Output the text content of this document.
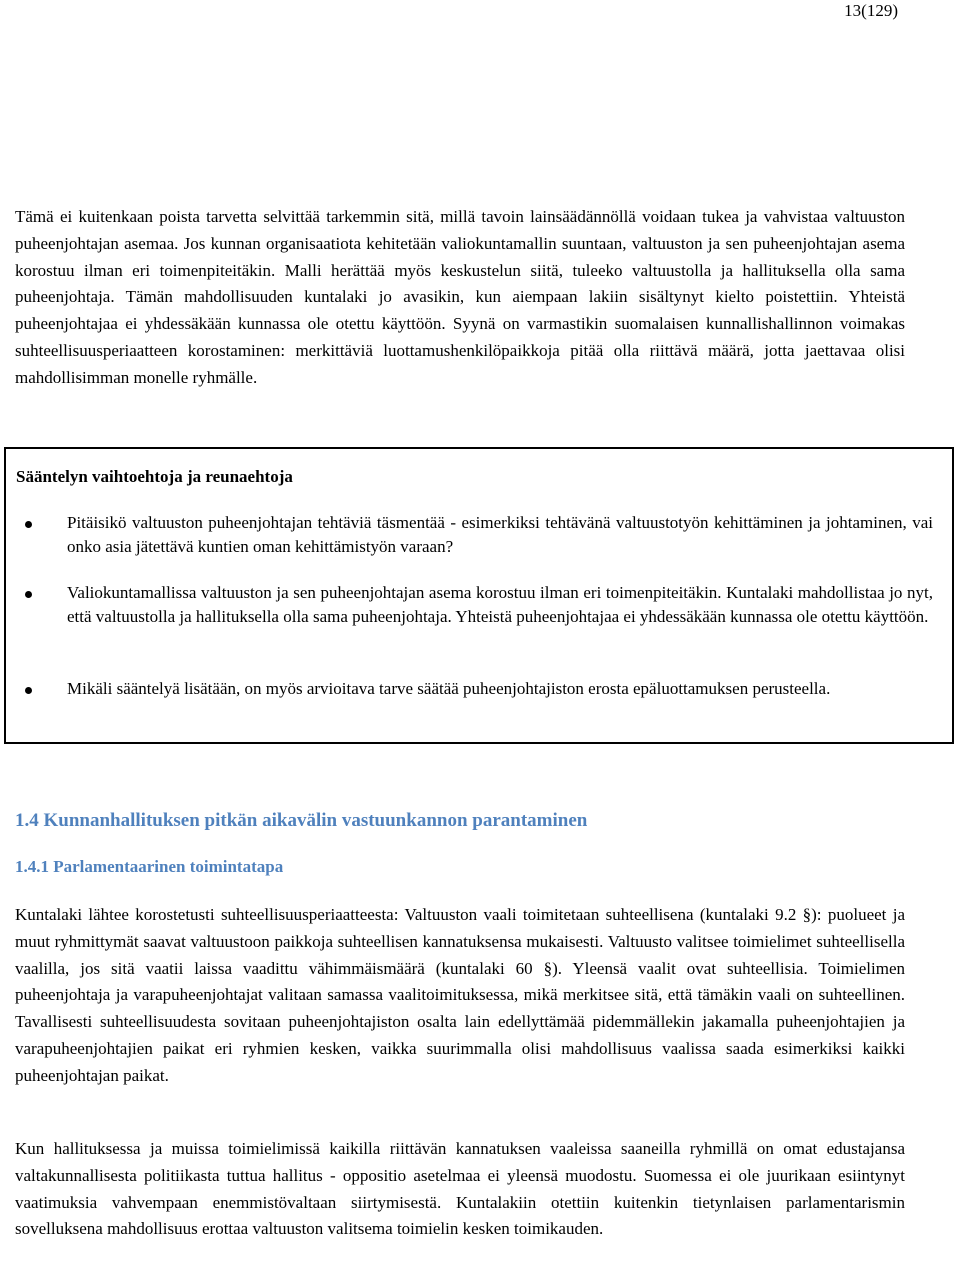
13(129)

Tämä ei kuitenkaan poista tarvetta selvittää tarkemmin sitä, millä tavoin lainsäädännöllä voidaan tukea ja vahvistaa valtuuston puheenjohtajan asemaa. Jos kunnan organisaatiota kehitetään valiokuntamallin suuntaan, valtuuston ja sen puheenjohtajan asema korostuu ilman eri toimenpiteitäkin. Malli herättää myös keskustelun siitä, tuleeko valtuustolla ja hallituksella olla sama puheenjohtaja. Tämän mahdollisuuden kuntalaki jo avasikin, kun aiempaan lakiin sisältynyt kielto poistettiin. Yhteistä puheenjohtajaa ei yhdessäkään kunnassa ole otettu käyttöön. Syynä on varmastikin suomalaisen kunnallishallinnon voimakas suhteellisuusperiaatteen korostaminen: merkittäviä luottamushenkilöpaikkoja pitää olla riittävä määrä, jotta jaettavaa olisi mahdollisimman monelle ryhmälle.

Sääntelyn vaihtoehtoja ja reunaehtoja
Pitäisikö valtuuston puheenjohtajan tehtäviä täsmentää - esimerkiksi tehtävänä valtuustotyön kehittäminen ja johtaminen, vai onko asia jätettävä kuntien oman kehittämistyön varaan?
Valiokuntamallissa valtuuston ja sen puheenjohtajan asema korostuu ilman eri toimenpiteitäkin. Kuntalaki mahdollistaa jo nyt, että valtuustolla ja hallituksella olla sama puheenjohtaja. Yhteistä puheenjohtajaa ei yhdessäkään kunnassa ole otettu käyttöön.
Mikäli sääntelyä lisätään, on myös arvioitava tarve säätää puheenjohtajiston erosta epäluottamuksen perusteella.
1.4 Kunnanhallituksen pitkän aikavälin vastuunkannon parantaminen
1.4.1 Parlamentaarinen toimintatapa

Kuntalaki lähtee korostetusti suhteellisuusperiaatteesta: Valtuuston vaali toimitetaan suhteellisena (kuntalaki 9.2 §): puolueet ja muut ryhmittymät saavat valtuustoon paikkoja suhteellisen kannatuksensa mukaisesti. Valtuusto valitsee toimielimet suhteellisella vaalilla, jos sitä vaatii laissa vaadittu vähimmäismäärä (kuntalaki 60 §). Yleensä vaalit ovat suhteellisia. Toimielimen puheenjohtaja ja varapuheenjohtajat valitaan samassa vaalitoimituksessa, mikä merkitsee sitä, että tämäkin vaali on suhteellinen. Tavallisesti suhteellisuudesta sovitaan puheenjohtajiston osalta lain edellyttämää pidemmällekin jakamalla puheenjohtajien ja varapuheenjohtajien paikat eri ryhmien kesken, vaikka suurimmalla olisi mahdollisuus vaalissa saada esimerkiksi kaikki puheenjohtajan paikat.

Kun hallituksessa ja muissa toimielimissä kaikilla riittävän kannatuksen vaaleissa saaneilla ryhmillä on omat edustajansa valtakunnallisesta politiikasta tuttua hallitus - oppositio asetelmaa ei yleensä muodostu. Suomessa ei ole juurikaan esiintynyt vaatimuksia vahvempaan enemmistövaltaan siirtymisestä. Kuntalakiin otettiin kuitenkin tietynlaisen parlamentarismin sovelluksena mahdollisuus erottaa valtuuston valitsema toimielin kesken toimikauden.
